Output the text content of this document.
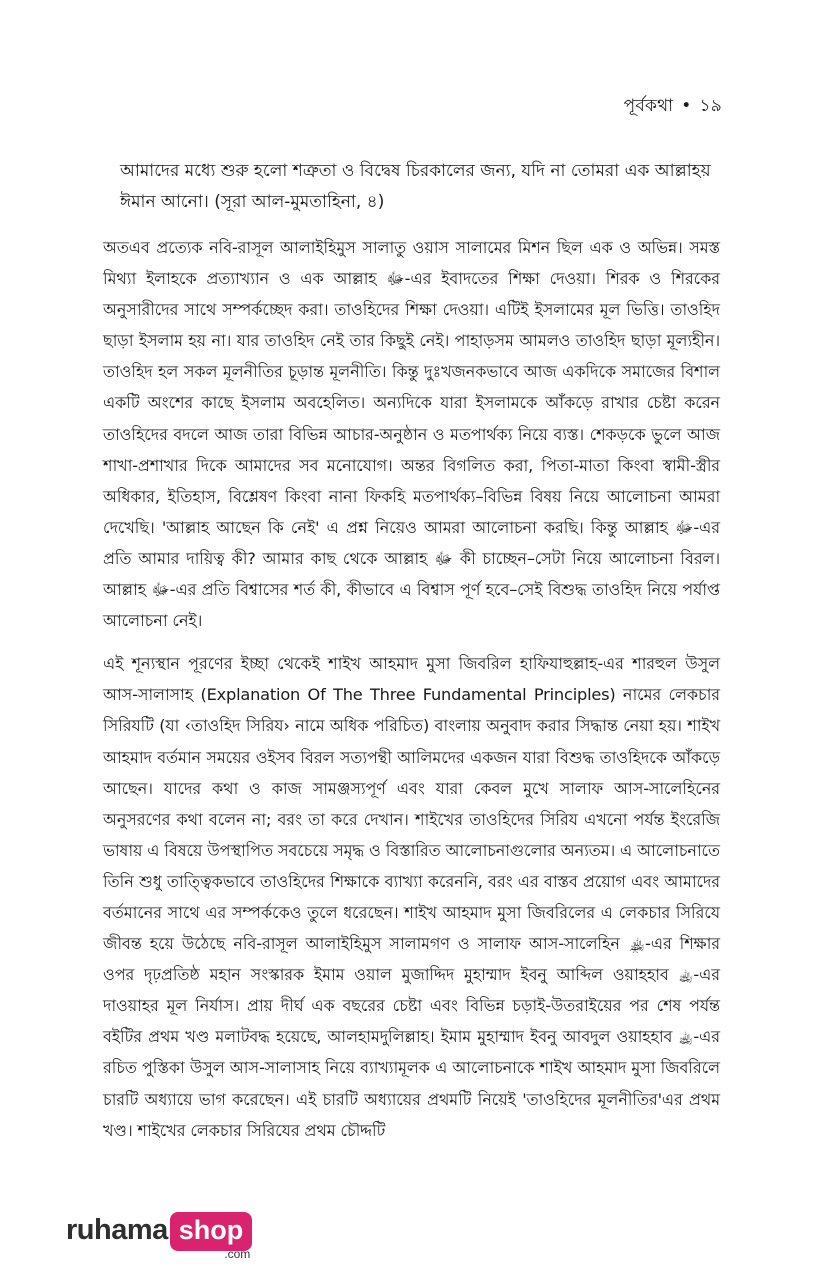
পূর্বকথা • ১৯

আমাদের মধ্যে শুরু হলো শত্রুতা ও বিদ্বেষ চিরকালের জন্য, যদি না তোমরা এক আল্লাহয় ঈমান আনো। (সূরা আল-মুমতাহিনা, ৪)

অতএব প্রত্যেক নবি-রাসূল আলাইহিমুস সালাতু ওয়াস সালামের মিশন ছিল এক ও অভিন্ন। সমস্ত মিথ্যা ইলাহকে প্রত্যাখ্যান ও এক আল্লাহ ﷻ-এর ইবাদতের শিক্ষা দেওয়া। শিরক ও শিরকের অনুসারীদের সাথে সম্পর্কচ্ছেদ করা। তাওহিদের শিক্ষা দেওয়া। এটিই ইসলামের মূল ভিত্তি। তাওহিদ ছাড়া ইসলাম হয় না। যার তাওহিদ নেই তার কিছুই নেই। পাহাড়সম আমলও তাওহিদ ছাড়া মূল্যহীন। তাওহিদ হল সকল মূলনীতির চূড়ান্ত মূলনীতি। কিন্তু দুঃখজনকভাবে আজ একদিকে সমাজের বিশাল একটি অংশের কাছে ইসলাম অবহেলিত। অন্যদিকে যারা ইসলামকে আঁকড়ে রাখার চেষ্টা করেন তাওহিদের বদলে আজ তারা বিভিন্ন আচার-অনুষ্ঠান ও মতপার্থক্য নিয়ে ব্যস্ত। শেকড়কে ভুলে আজ শাখা-প্রশাখার দিকে আমাদের সব মনোযোগ। অন্তর বিগলিত করা, পিতা-মাতা কিংবা স্বামী-স্ত্রীর অধিকার, ইতিহাস, বিশ্লেষণ কিংবা নানা ফিকহি মতপার্থক্য–বিভিন্ন বিষয় নিয়ে আলোচনা আমরা দেখেছি। 'আল্লাহ আছেন কি নেই' এ প্রশ্ন নিয়েও আমরা আলোচনা করছি। কিন্তু আল্লাহ ﷻ-এর প্রতি আমার দায়িত্ব কী? আমার কাছ থেকে আল্লাহ ﷻ কী চাচ্ছেন–সেটা নিয়ে আলোচনা বিরল। আল্লাহ ﷻ-এর প্রতি বিশ্বাসের শর্ত কী, কীভাবে এ বিশ্বাস পূর্ণ হবে–সেই বিশুদ্ধ তাওহিদ নিয়ে পর্যাপ্ত আলোচনা নেই।

এই শূন্যস্থান পূরণের ইচ্ছা থেকেই শাইখ আহমাদ মুসা জিবরিল হাফিযাহুল্লাহ-এর শারহুল উসুল আস-সালাসাহ (Explanation Of The Three Fundamental Principles) নামের লেকচার সিরিযটি (যা ‹তাওহিদ সিরিয› নামে অধিক পরিচিত) বাংলায় অনুবাদ করার সিদ্ধান্ত নেয়া হয়। শাইখ আহমাদ বর্তমান সময়ের ওইসব বিরল সত্যপন্থী আলিমদের একজন যারা বিশুদ্ধ তাওহিদকে আঁকড়ে আছেন। যাদের কথা ও কাজ সামঞ্জস্যপূর্ণ এবং যারা কেবল মুখে সালাফ আস-সালেহিনের অনুসরণের কথা বলেন না; বরং তা করে দেখান। শাইখের তাওহিদের সিরিয এখনো পর্যন্ত ইংরেজি ভাষায় এ বিষয়ে উপস্থাপিত সবচেয়ে সমৃদ্ধ ও বিস্তারিত আলোচনাগুলোর অন্যতম। এ আলোচনাতে তিনি শুধু তাত্ত্বিকভাবে তাওহিদের শিক্ষাকে ব্যাখ্যা করেননি, বরং এর বাস্তব প্রয়োগ এবং আমাদের বর্তমানের সাথে এর সম্পর্ককেও তুলে ধরেছেন। শাইখ আহমাদ মুসা জিবরিলের এ লেকচার সিরিযে জীবন্ত হয়ে উঠেছে নবি-রাসূল আলাইহিমুস সালামগণ ও সালাফ আস-সালেহিন ﵏-এর শিক্ষার ওপর দৃঢ়প্রতিষ্ঠ মহান সংস্কারক ইমাম ওয়াল মুজাদ্দিদ মুহাম্মাদ ইবনু আব্দিল ওয়াহহাব ﵀-এর দাওয়াহর মূল নির্যাস। প্রায় দীর্ঘ এক বছরের চেষ্টা এবং বিভিন্ন চড়াই-উতরাইয়ের পর শেষ পর্যন্ত বইটির প্রথম খণ্ড মলাটবদ্ধ হয়েছে, আলহামদুলিল্লাহ। ইমাম মুহাম্মাদ ইবনু আবদুল ওয়াহহাব ﵀-এর রচিত পুস্তিকা উসুল আস-সালাসাহ নিয়ে ব্যাখ্যামূলক এ আলোচনাকে শাইখ আহমাদ মুসা জিবরিলে চারটি অধ্যায়ে ভাগ করেছেন। এই চারটি অধ্যায়ের প্রথমটি নিয়েই 'তাওহিদের মূলনীতির'এর প্রথম খণ্ড। শাইখের লেকচার সিরিযের প্রথম চৌদ্দটি

ruhama shop
.com
